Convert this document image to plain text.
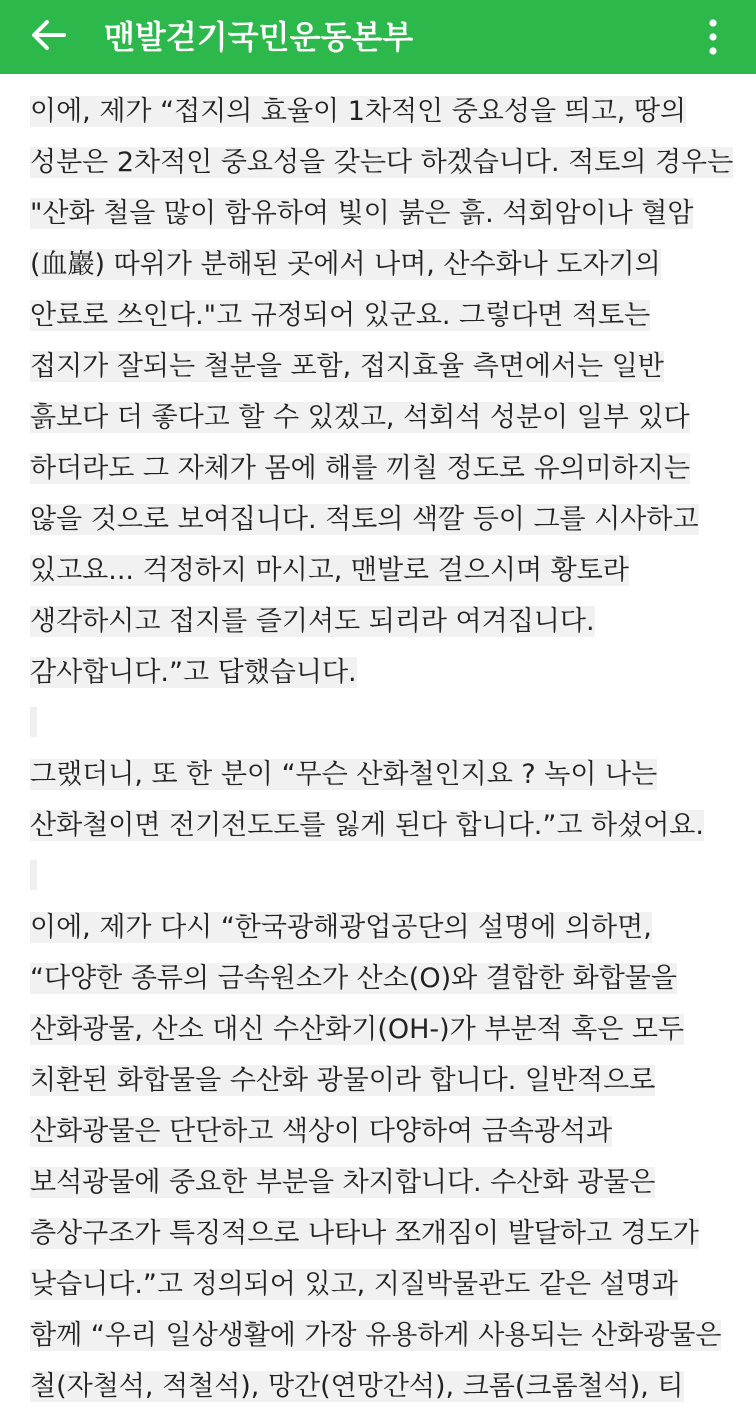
맨발걷기국민운동본부

이에, 제가 “접지의 효율이 1차적인 중요성을 띄고, 땅의 성분은 2차적인 중요성을 갖는다 하겠습니다. 적토의 경우는 "산화 철을 많이 함유하여 빛이 붉은 흙. 석회암이나 혈암(血巖) 따위가 분해된 곳에서 나며, 산수화나 도자기의 안료로 쓰인다."고 규정되어 있군요. 그렇다면 적토는 접지가 잘되는 철분을 포함, 접지효율 측면에서는 일반 흙보다 더 좋다고 할 수 있겠고, 석회석 성분이 일부 있다 하더라도 그 자체가 몸에 해를 끼칠 정도로 유의미하지는 않을 것으로 보여집니다. 적토의 색깔 등이 그를 시사하고 있고요... 걱정하지 마시고, 맨발로 걸으시며 황토라 생각하시고 접지를 즐기셔도 되리라 여겨집니다. 감사합니다.”고 답했습니다.

그랬더니, 또 한 분이 “무슨 산화철인지요 ? 녹이 나는 산화철이면 전기전도도를 잃게 된다 합니다.”고 하셨어요.

이에, 제가 다시 “한국광해광업공단의 설명에 의하면, “다양한 종류의 금속원소가 산소(O)와 결합한 화합물을 산화광물, 산소 대신 수산화기(OH-)가 부분적 혹은 모두 치환된 화합물을 수산화 광물이라 합니다. 일반적으로 산화광물은 단단하고 색상이 다양하여 금속광석과 보석광물에 중요한 부분을 차지합니다. 수산화 광물은 층상구조가 특징적으로 나타나 쪼개짐이 발달하고 경도가 낮습니다.”고 정의되어 있고, 지질박물관도 같은 설명과 함께 “우리 일상생활에 가장 유용하게 사용되는 산화광물은 철(자철석, 적철석), 망간(연망간석), 크롬(크롬철석), 티
